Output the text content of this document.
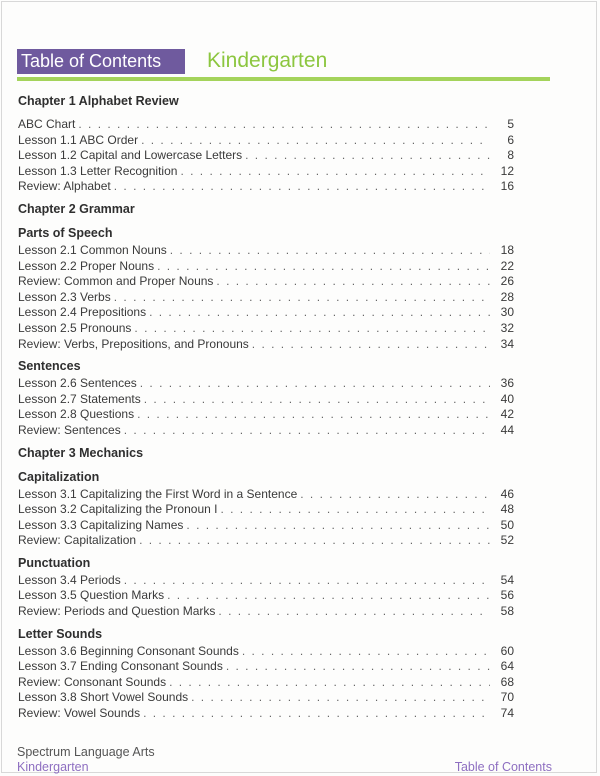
Table of Contents	Kindergarten
Chapter 1 Alphabet Review
ABC Chart . . .	5
Lesson 1.1 ABC Order . . .	6
Lesson 1.2 Capital and Lowercase Letters . . .	8
Lesson 1.3 Letter Recognition . . .	12
Review: Alphabet . . .	16
Chapter 2 Grammar
Parts of Speech
Lesson 2.1 Common Nouns . . .	18
Lesson 2.2 Proper Nouns . . .	22
Review: Common and Proper Nouns . . .	26
Lesson 2.3 Verbs . . .	28
Lesson 2.4 Prepositions . . .	30
Lesson 2.5 Pronouns . . .	32
Review: Verbs, Prepositions, and Pronouns . . .	34
Sentences
Lesson 2.6 Sentences . . .	36
Lesson 2.7 Statements . . .	40
Lesson 2.8 Questions . . .	42
Review: Sentences . . .	44
Chapter 3 Mechanics
Capitalization
Lesson 3.1 Capitalizing the First Word in a Sentence . . .	46
Lesson 3.2 Capitalizing the Pronoun I . . .	48
Lesson 3.3 Capitalizing Names . . .	50
Review: Capitalization . . .	52
Punctuation
Lesson 3.4 Periods . . .	54
Lesson 3.5 Question Marks . . .	56
Review: Periods and Question Marks . . .	58
Letter Sounds
Lesson 3.6 Beginning Consonant Sounds . . .	60
Lesson 3.7 Ending Consonant Sounds . . .	64
Review: Consonant Sounds . . .	68
Lesson 3.8 Short Vowel Sounds . . .	70
Review: Vowel Sounds . . .	74
Spectrum Language Arts
Kindergarten	Table of Contents
